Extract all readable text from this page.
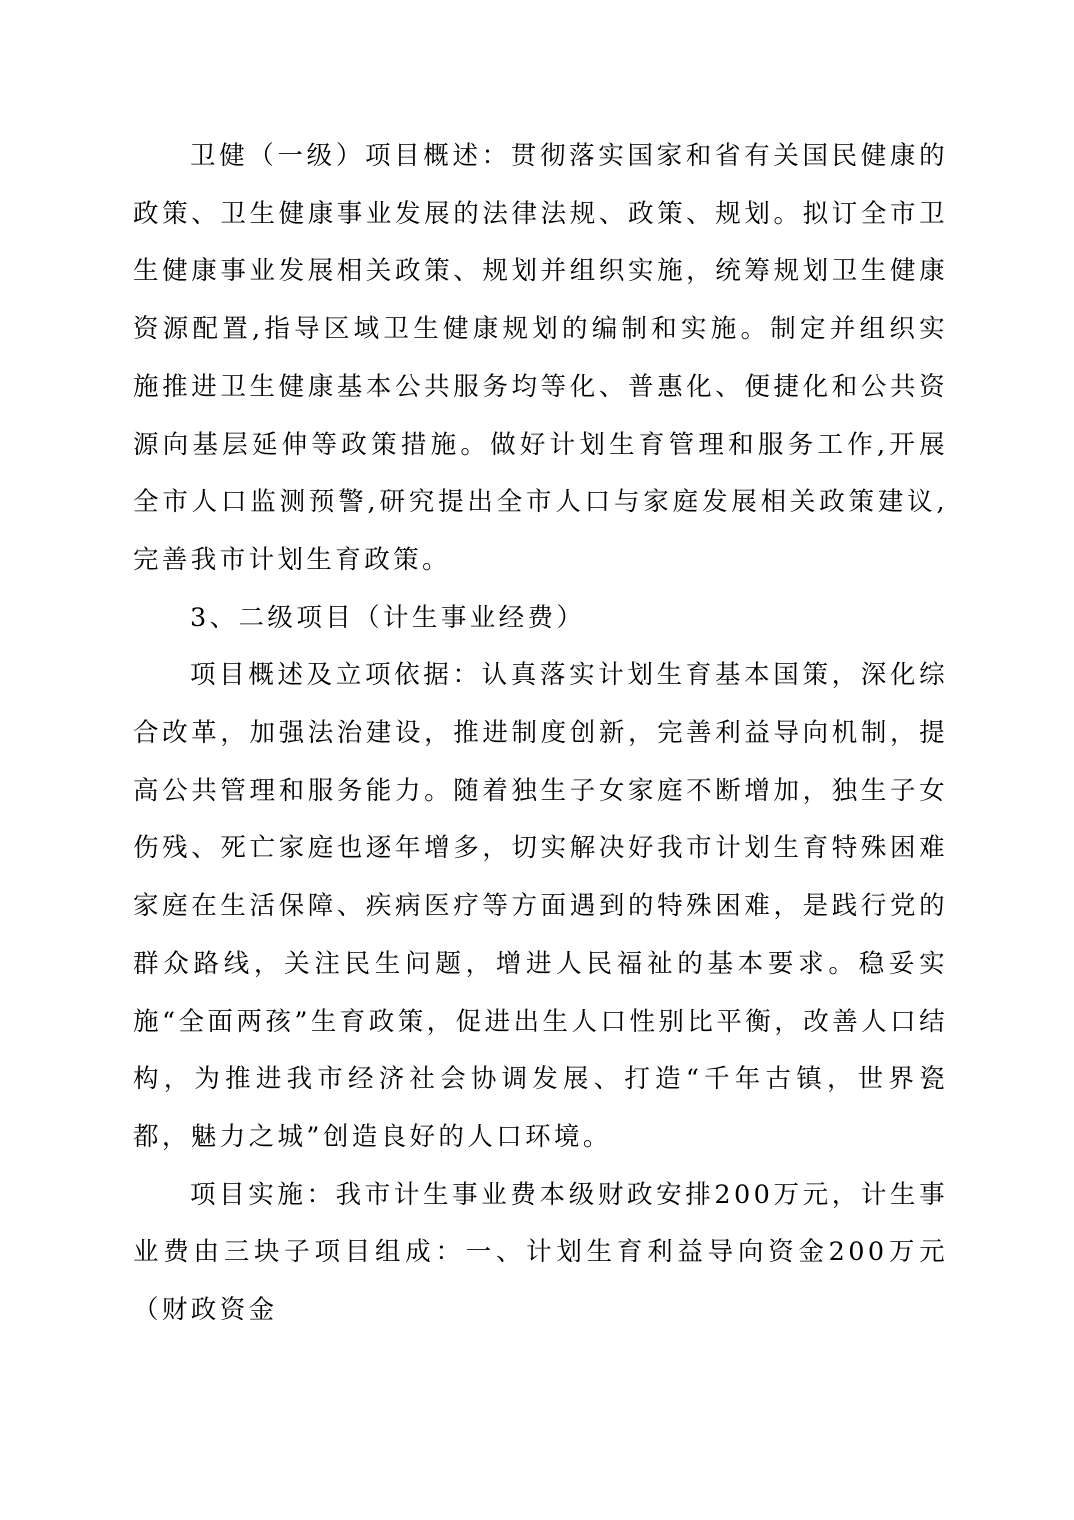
卫健（一级）项目概述：贯彻落实国家和省有关国民健康的政策、卫生健康事业发展的法律法规、政策、规划。拟订全市卫生健康事业发展相关政策、规划并组织实施，统筹规划卫生健康资源配置,指导区域卫生健康规划的编制和实施。制定并组织实施推进卫生健康基本公共服务均等化、普惠化、便捷化和公共资源向基层延伸等政策措施。做好计划生育管理和服务工作,开展全市人口监测预警,研究提出全市人口与家庭发展相关政策建议,完善我市计划生育政策。

3、二级项目（计生事业经费）

项目概述及立项依据：认真落实计划生育基本国策，深化综合改革，加强法治建设，推进制度创新，完善利益导向机制，提高公共管理和服务能力。随着独生子女家庭不断增加，独生子女伤残、死亡家庭也逐年增多，切实解决好我市计划生育特殊困难家庭在生活保障、疾病医疗等方面遇到的特殊困难，是践行党的群众路线，关注民生问题，增进人民福祉的基本要求。稳妥实施“全面两孩”生育政策，促进出生人口性别比平衡，改善人口结构，为推进我市经济社会协调发展、打造“千年古镇，世界瓷都，魅力之城”创造良好的人口环境。

项目实施：我市计生事业费本级财政安排200万元，计生事业费由三块子项目组成：一、计划生育利益导向资金200万元（财政资金
